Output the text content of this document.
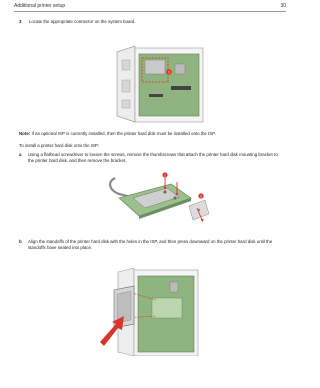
Additional printer setup	30
3 Locate the appropriate connector on the system board.
1
Note: If an optional ISP is currently installed, then the printer hard disk must be installed onto the ISP.
To install a printer hard disk onto the ISP:
a Using a flathead screwdriver to loosen the screws, remove the thumbscrews that attach the printer hard disk mounting bracket to the printer hard disk, and then remove the bracket.
1
2
b Align the standoffs of the printer hard disk with the holes in the ISP, and then press downward on the printer hard disk until the standoffs have seated into place.
